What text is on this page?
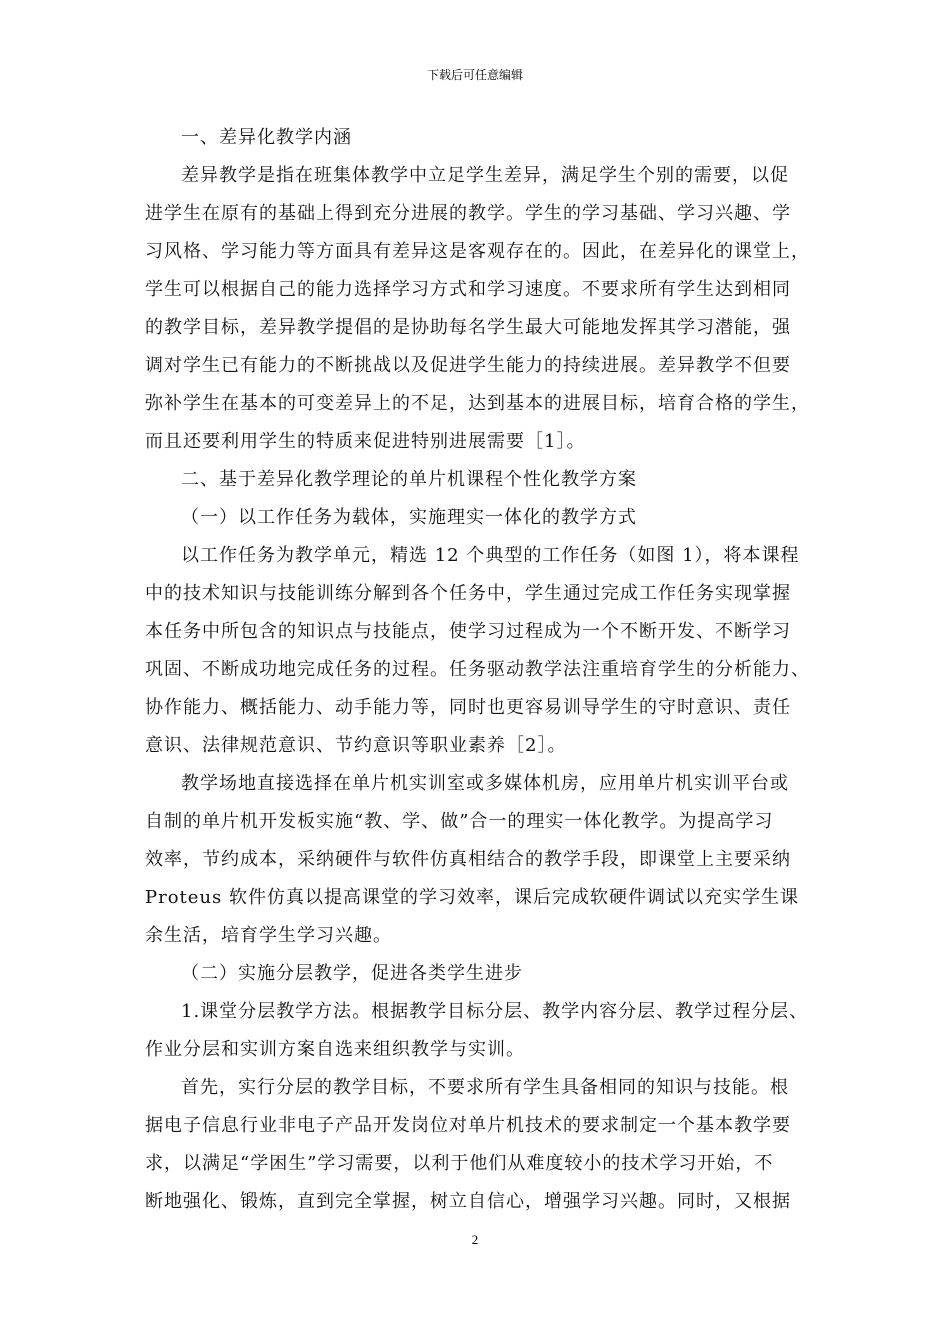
下载后可任意编辑
一、差异化教学内涵
差异教学是指在班集体教学中立足学生差异，满足学生个别的需要，以促
进学生在原有的基础上得到充分进展的教学。学生的学习基础、学习兴趣、学
习风格、学习能力等方面具有差异这是客观存在的。因此，在差异化的课堂上，
学生可以根据自己的能力选择学习方式和学习速度。不要求所有学生达到相同
的教学目标，差异教学提倡的是协助每名学生最大可能地发挥其学习潜能，强
调对学生已有能力的不断挑战以及促进学生能力的持续进展。差异教学不但要
弥补学生在基本的可变差异上的不足，达到基本的进展目标，培育合格的学生，
而且还要利用学生的特质来促进特别进展需要［1］。
二、基于差异化教学理论的单片机课程个性化教学方案
（一）以工作任务为载体，实施理实一体化的教学方式
以工作任务为教学单元，精选 12 个典型的工作任务（如图 1），将本课程
中的技术知识与技能训练分解到各个任务中，学生通过完成工作任务实现掌握
本任务中所包含的知识点与技能点，使学习过程成为一个不断开发、不断学习
巩固、不断成功地完成任务的过程。任务驱动教学法注重培育学生的分析能力、
协作能力、概括能力、动手能力等，同时也更容易训导学生的守时意识、责任
意识、法律规范意识、节约意识等职业素养［2］。
教学场地直接选择在单片机实训室或多媒体机房，应用单片机实训平台或
自制的单片机开发板实施“教、学、做”合一的理实一体化教学。为提高学习
效率，节约成本，采纳硬件与软件仿真相结合的教学手段，即课堂上主要采纳
Proteus 软件仿真以提高课堂的学习效率，课后完成软硬件调试以充实学生课
余生活，培育学生学习兴趣。
（二）实施分层教学，促进各类学生进步
1.课堂分层教学方法。根据教学目标分层、教学内容分层、教学过程分层、
作业分层和实训方案自选来组织教学与实训。
首先，实行分层的教学目标，不要求所有学生具备相同的知识与技能。根
据电子信息行业非电子产品开发岗位对单片机技术的要求制定一个基本教学要
求，以满足“学困生”学习需要，以利于他们从难度较小的技术学习开始，不
断地强化、锻炼，直到完全掌握，树立自信心，增强学习兴趣。同时，又根据
2
